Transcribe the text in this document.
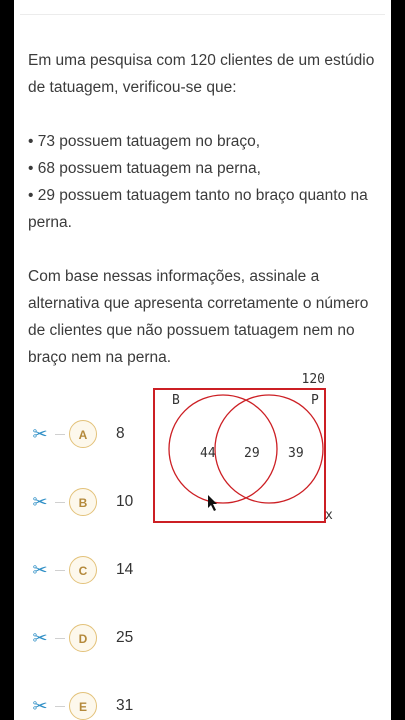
Em uma pesquisa com 120 clientes de um estúdio de tatuagem, verificou-se que:

• 73 possuem tatuagem no braço,

• 68 possuem tatuagem na perna,

• 29 possuem tatuagem tanto no braço quanto na perna.

Com base nessas informações, assinale a alternativa que apresenta corretamente o número de clientes que não possuem tatuagem nem no braço nem na perna.

✂	A	8
✂	B	10
✂	C	14
✂	D	25
✂	E	31
120
B	P
44 29 39
x
